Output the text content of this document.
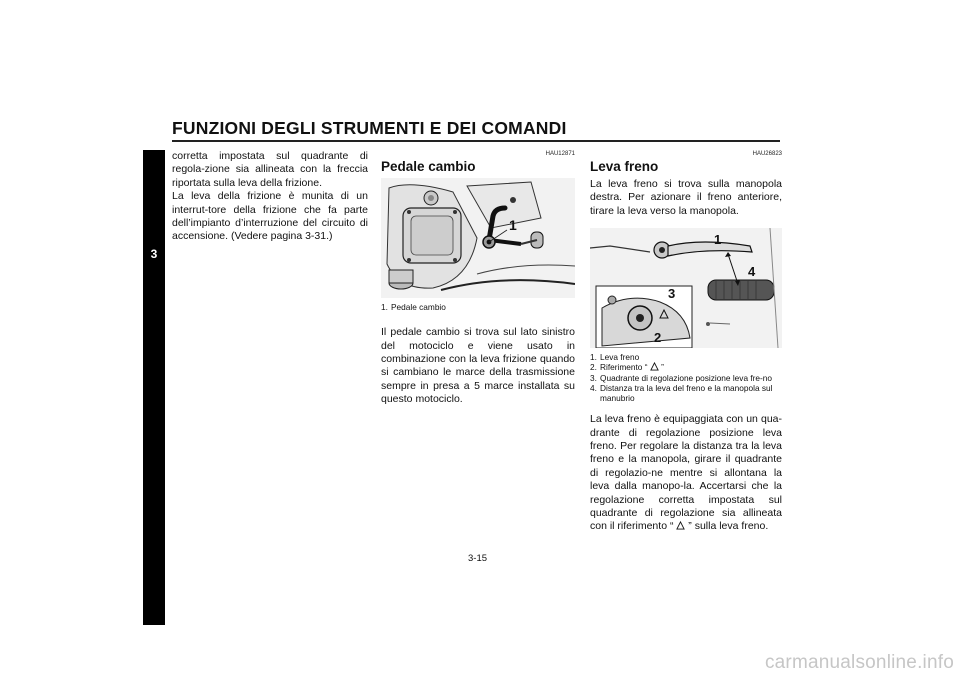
FUNZIONI DEGLI STRUMENTI E DEI COMANDI
3

corretta impostata sul quadrante di regola-zione sia allineata con la freccia riportata sulla leva della frizione.

La leva della frizione è munita di un interrut-tore della frizione che fa parte dell’impianto d’interruzione del circuito di accensione. (Vedere pagina 3-31.)

HAU12871
Pedale cambio
1
1. Pedale cambio

Il pedale cambio si trova sul lato sinistro del motociclo e viene usato in combinazione con la leva frizione quando si cambiano le marce della trasmissione sempre in presa a 5 marce installata su questo motociclo.

HAU26823
Leva freno

La leva freno si trova sulla manopola destra. Per azionare il freno anteriore, tirare la leva verso la manopola.

1
4
3
2
1. Leva freno
2. Riferimento “ ”
3. Quadrante di regolazione posizione leva fre-no
4. Distanza tra la leva del freno e la manopola sul manubrio

La leva freno è equipaggiata con un qua-drante di regolazione posizione leva freno. Per regolare la distanza tra la leva freno e la manopola, girare il quadrante di regolazio-ne mentre si allontana la leva dalla manopo-la. Accertarsi che la regolazione corretta impostata sul quadrante di regolazione sia allineata con il riferimento “ ” sulla leva freno.

3-15
carmanualsonline.info
